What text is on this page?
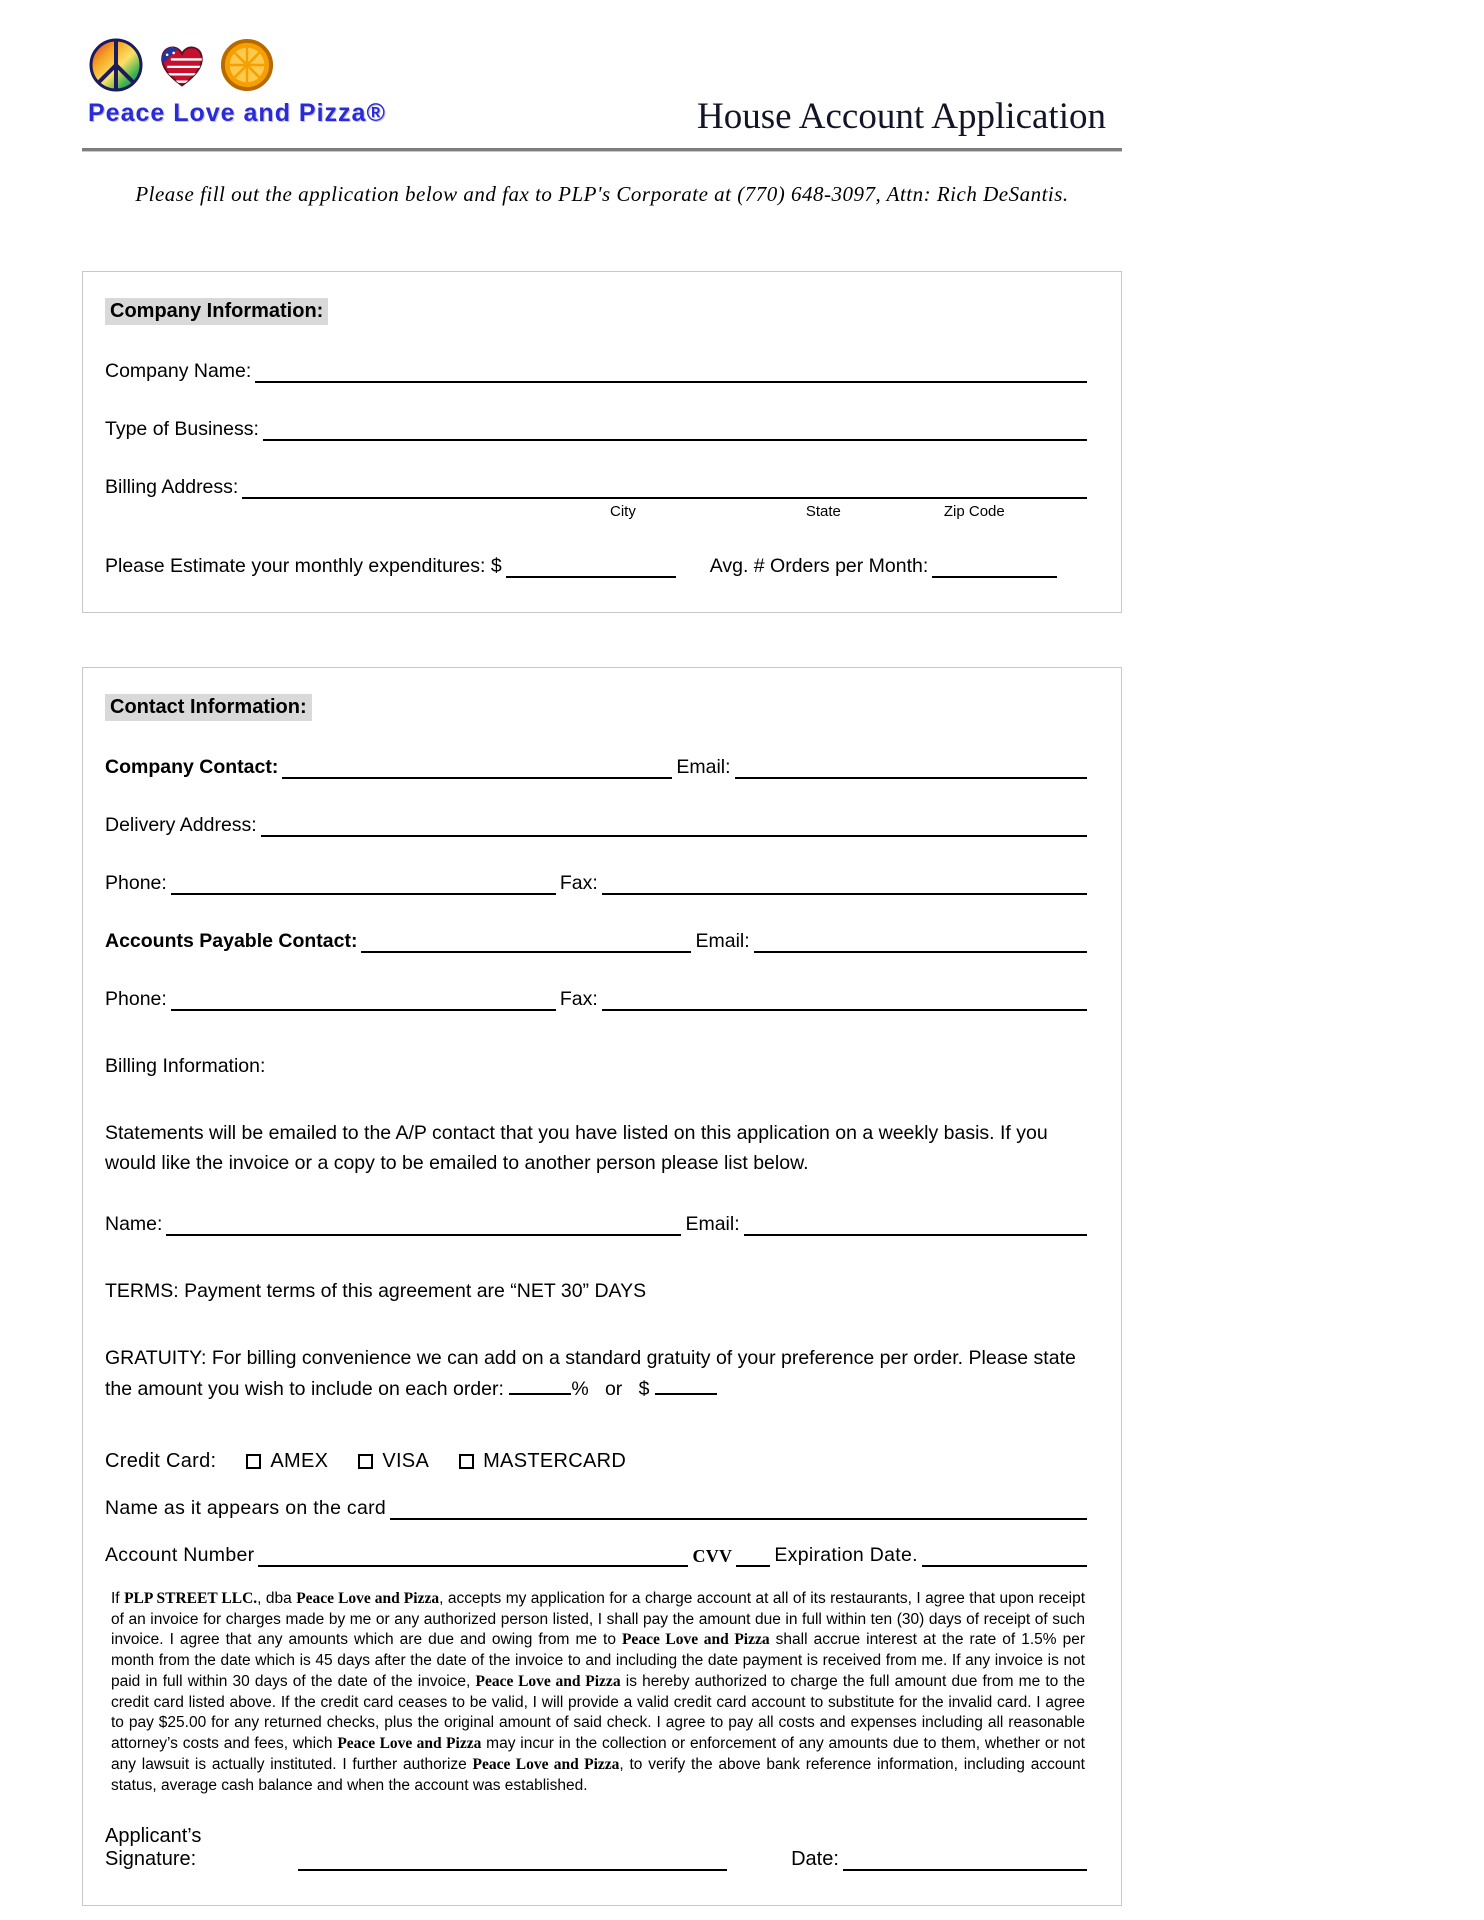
Peace Love and Pizza®	House Account Application
Please fill out the application below and fax to PLP's Corporate at (770) 648-3097, Attn: Rich DeSantis.
Company Information:
Company Name:
Type of Business:
Billing Address:
City	State	Zip Code
Please Estimate your monthly expenditures: $	Avg. # Orders per Month:
Contact Information:
Company Contact:	Email:
Delivery Address:
Phone:	Fax:
Accounts Payable Contact:	Email:
Phone:	Fax:
Billing Information:

Statements will be emailed to the A/P contact that you have listed on this application on a weekly basis. If you would like the invoice or a copy to be emailed to another person please list below.

Name:	Email:
TERMS: Payment terms of this agreement are “NET 30” DAYS

GRATUITY: For billing convenience we can add on a standard gratuity of your preference per order. Please state the amount you wish to include on each order:	% or $

Credit Card:	AMEX	VISA	MASTERCARD
Name as it appears on the card
Account Number	CVV Expiration Date.

If PLP STREET LLC., dba Peace Love and Pizza, accepts my application for a charge account at all of its restaurants, I agree that upon receipt of an invoice for charges made by me or any authorized person listed, I shall pay the amount due in full within ten (30) days of receipt of such invoice. I agree that any amounts which are due and owing from me to Peace Love and Pizza shall accrue interest at the rate of 1.5% per month from the date which is 45 days after the date of the invoice to and including the date payment is received from me. If any invoice is not paid in full within 30 days of the date of the invoice, Peace Love and Pizza is hereby authorized to charge the full amount due from me to the credit card listed above. If the credit card ceases to be valid, I will provide a valid credit card account to substitute for the invalid card. I agree to pay $25.00 for any returned checks, plus the original amount of said check. I agree to pay all costs and expenses including all reasonable attorney’s costs and fees, which Peace Love and Pizza may incur in the collection or enforcement of any amounts due to them, whether or not any lawsuit is actually instituted. I further authorize Peace Love and Pizza, to verify the above bank reference information, including account status, average cash balance and when the account was established.

Applicant’s Signature:	Date:
